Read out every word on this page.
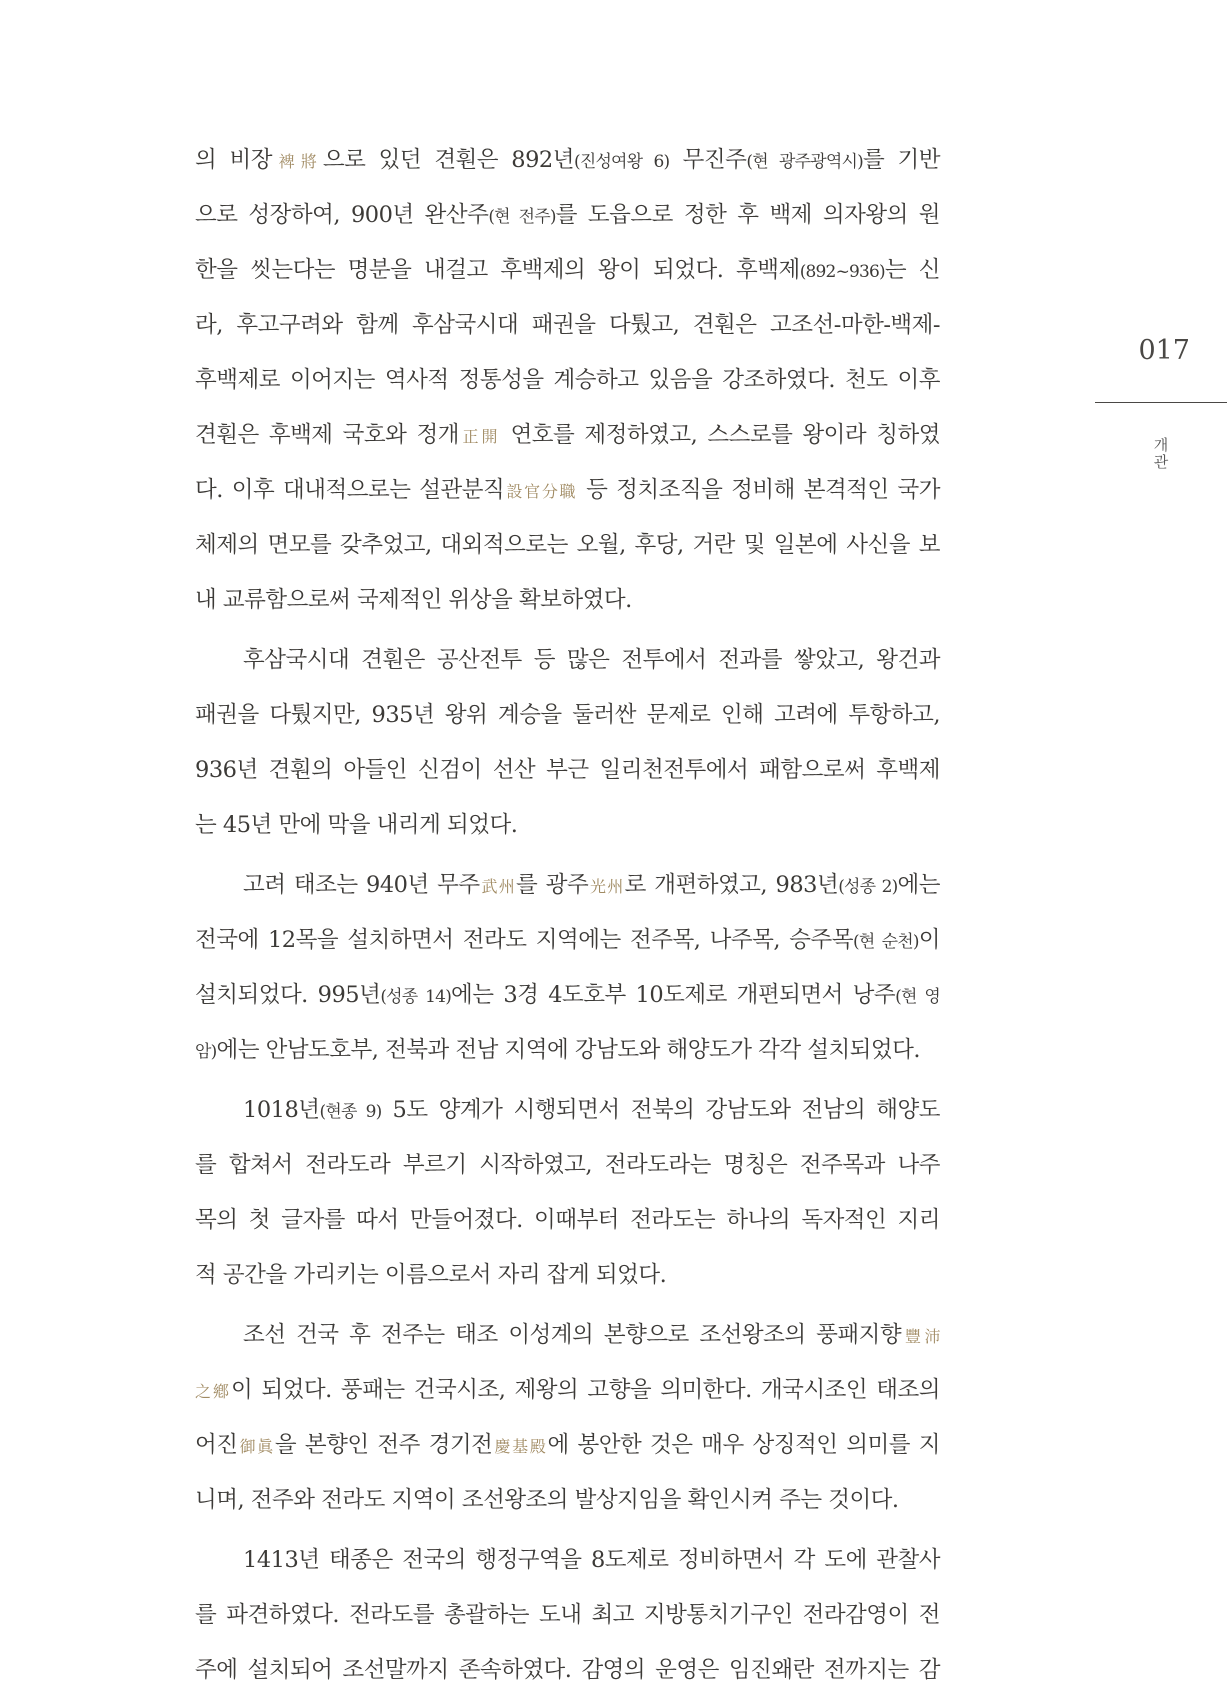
의 비장裨將으로 있던 견훤은 892년(진성여왕 6) 무진주(현 광주광역시)를 기반
으로 성장하여, 900년 완산주(현 전주)를 도읍으로 정한 후 백제 의자왕의 원
한을 씻는다는 명분을 내걸고 후백제의 왕이 되었다. 후백제(892~936)는 신
라, 후고구려와 함께 후삼국시대 패권을 다퉜고, 견훤은 고조선-마한-백제-
후백제로 이어지는 역사적 정통성을 계승하고 있음을 강조하였다. 천도 이후
견훤은 후백제 국호와 정개正開 연호를 제정하였고, 스스로를 왕이라 칭하였
다. 이후 대내적으로는 설관분직設官分職 등 정치조직을 정비해 본격적인 국가
체제의 면모를 갖추었고, 대외적으로는 오월, 후당, 거란 및 일본에 사신을 보
내 교류함으로써 국제적인 위상을 확보하였다.
후삼국시대 견훤은 공산전투 등 많은 전투에서 전과를 쌓았고, 왕건과
패권을 다퉜지만, 935년 왕위 계승을 둘러싼 문제로 인해 고려에 투항하고,
936년 견훤의 아들인 신검이 선산 부근 일리천전투에서 패함으로써 후백제
는 45년 만에 막을 내리게 되었다.
고려 태조는 940년 무주武州를 광주光州로 개편하였고, 983년(성종 2)에는
전국에 12목을 설치하면서 전라도 지역에는 전주목, 나주목, 승주목(현 순천)이
설치되었다. 995년(성종 14)에는 3경 4도호부 10도제로 개편되면서 낭주(현 영
암)에는 안남도호부, 전북과 전남 지역에 강남도와 해양도가 각각 설치되었다.
1018년(현종 9) 5도 양계가 시행되면서 전북의 강남도와 전남의 해양도
를 합쳐서 전라도라 부르기 시작하였고, 전라도라는 명칭은 전주목과 나주
목의 첫 글자를 따서 만들어졌다. 이때부터 전라도는 하나의 독자적인 지리
적 공간을 가리키는 이름으로서 자리 잡게 되었다.
조선 건국 후 전주는 태조 이성계의 본향으로 조선왕조의 풍패지향豐沛
之鄕이 되었다. 풍패는 건국시조, 제왕의 고향을 의미한다. 개국시조인 태조의
어진御眞을 본향인 전주 경기전慶基殿에 봉안한 것은 매우 상징적인 의미를 지
니며, 전주와 전라도 지역이 조선왕조의 발상지임을 확인시켜 주는 것이다.
1413년 태종은 전국의 행정구역을 8도제로 정비하면서 각 도에 관찰사
를 파견하였다. 전라도를 총괄하는 도내 최고 지방통치기구인 전라감영이 전
주에 설치되어 조선말까지 존속하였다. 감영의 운영은 임진왜란 전까지는 감
017
개관
